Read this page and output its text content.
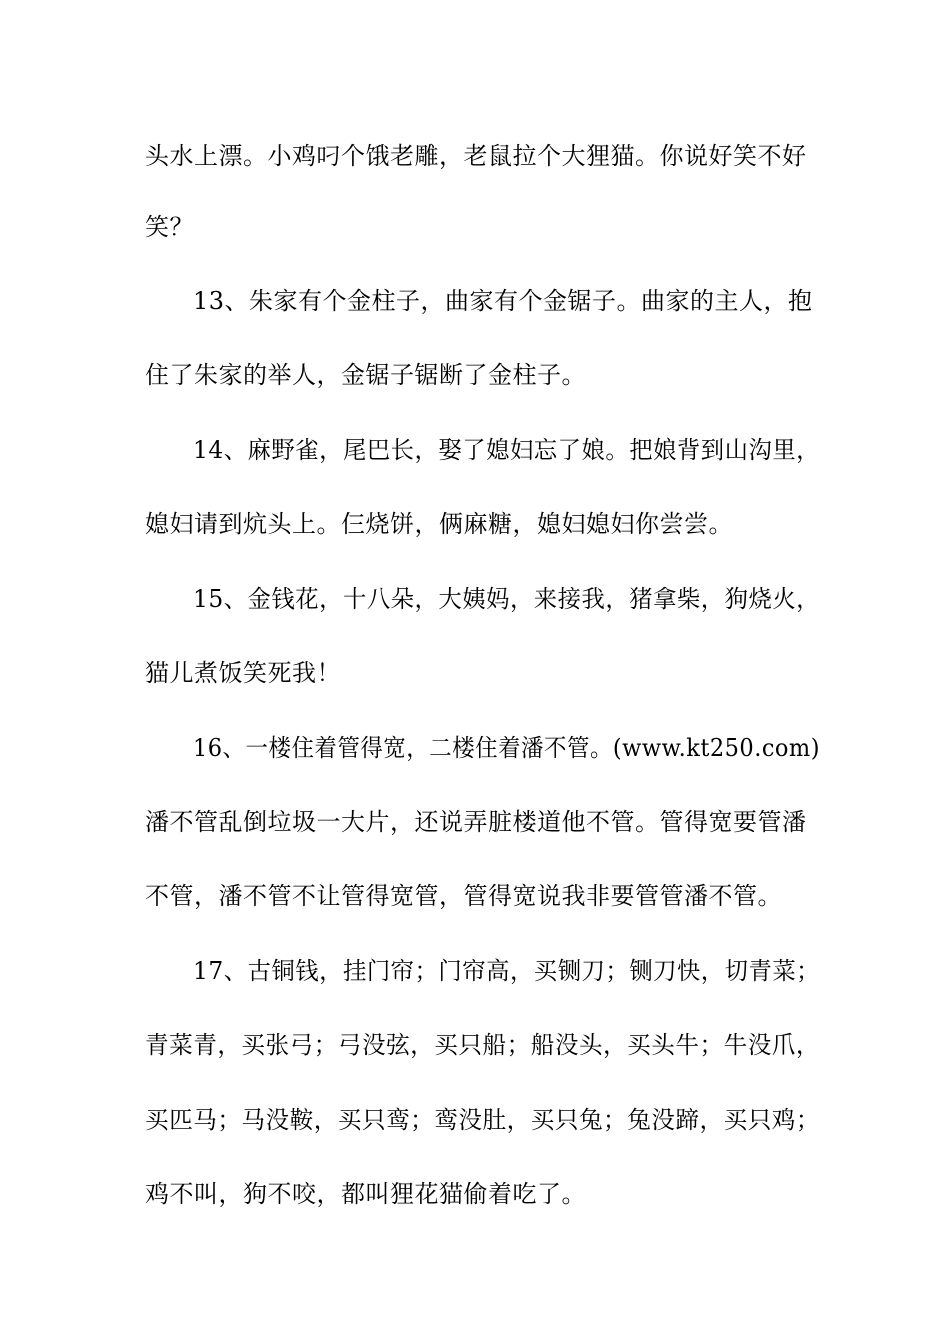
头水上漂。小鸡叼个饿老雕，老鼠拉个大狸猫。你说好笑不好
笑？
13、朱家有个金柱子，曲家有个金锯子。曲家的主人，抱
住了朱家的举人，金锯子锯断了金柱子。
14、麻野雀，尾巴长，娶了媳妇忘了娘。把娘背到山沟里，
媳妇请到炕头上。仨烧饼，俩麻糖，媳妇媳妇你尝尝。
15、金钱花，十八朵，大姨妈，来接我，猪拿柴，狗烧火，
猫儿煮饭笑死我！
16、一楼住着管得宽，二楼住着潘不管。(www.kt250.com)
潘不管乱倒垃圾一大片，还说弄脏楼道他不管。管得宽要管潘
不管，潘不管不让管得宽管，管得宽说我非要管管潘不管。
17、古铜钱，挂门帘；门帘高，买铡刀；铡刀快，切青菜；
青菜青，买张弓；弓没弦，买只船；船没头，买头牛；牛没爪，
买匹马；马没鞍，买只鸾；鸾没肚，买只兔；兔没蹄，买只鸡；
鸡不叫，狗不咬，都叫狸花猫偷着吃了。
